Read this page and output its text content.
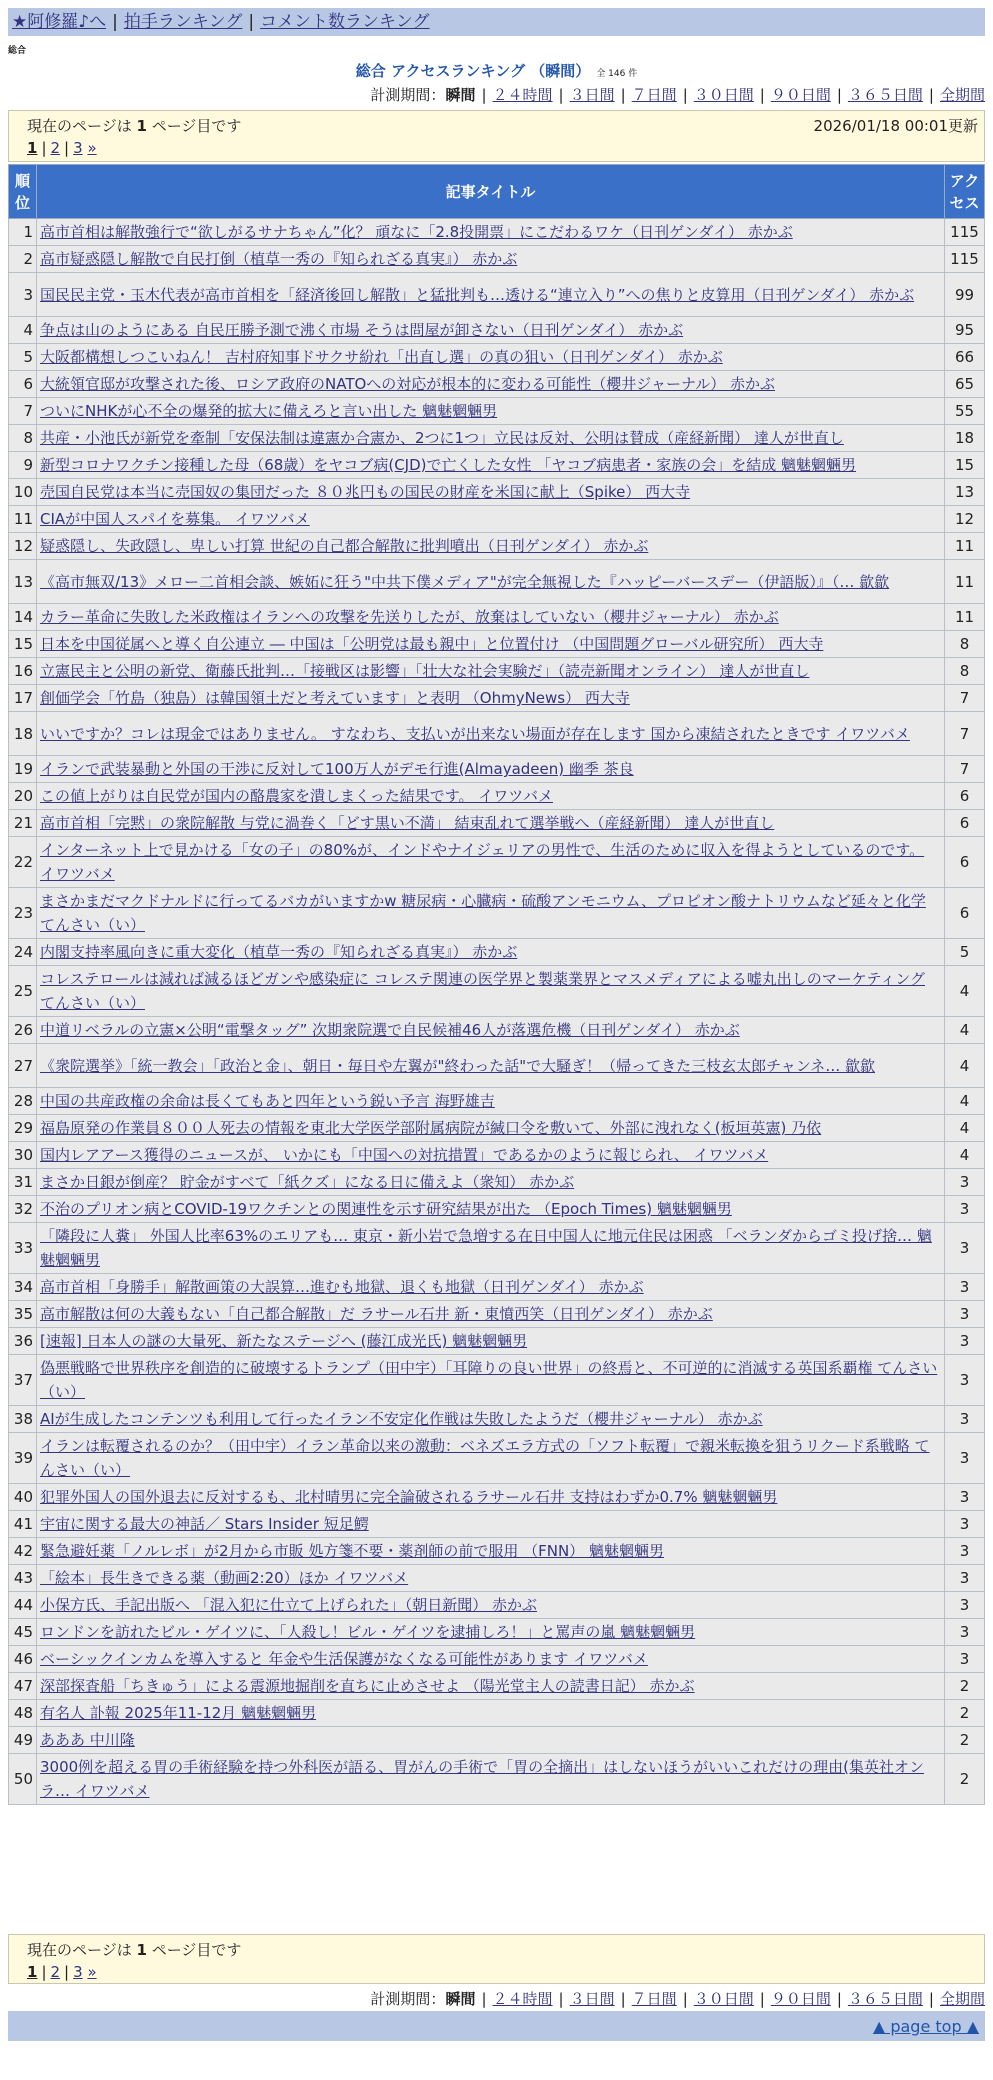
★阿修羅♪へ | 拍手ランキング | コメント数ランキング
総合
総合 アクセスランキング （瞬間） 全 146 件
計測期間：瞬間 | ２４時間 | ３日間 | ７日間 | ３０日間 | ９０日間 | ３６５日間 | 全期間
現在のページは 1 ページ目です	2026/01/18 00:01更新
1 | 2 | 3 »
順位	記事タイトル	アクセス
1	高市首相は解散強行で“欲しがるサナちゃん”化？ 頑なに「2.8投開票」にこだわるワケ（日刊ゲンダイ） 赤かぶ	115
2	高市疑惑隠し解散で自民打倒（植草一秀の『知られざる真実』） 赤かぶ	115
3	国民民主党・玉木代表が高市首相を「経済後回し解散」と猛批判も…透ける“連立入り”への焦りと皮算用（日刊ゲンダイ） 赤かぶ	99
4	争点は山のようにある 自民圧勝予測で沸く市場 そうは問屋が卸さない（日刊ゲンダイ） 赤かぶ	95
5	大阪都構想しつこいねん！ 吉村府知事ドサクサ紛れ「出直し選」の真の狙い（日刊ゲンダイ） 赤かぶ	66
6	大統領官邸が攻撃された後、ロシア政府のNATOへの対応が根本的に変わる可能性（櫻井ジャーナル） 赤かぶ	65
7	ついにNHKが心不全の爆発的拡大に備えろと言い出した 魑魅魍魎男	55
8	共産・小池氏が新党を牽制「安保法制は違憲か合憲か、2つに1つ」立民は反対、公明は賛成（産経新聞） 達人が世直し	18
9	新型コロナワクチン接種した母（68歳）をヤコブ病(CJD)で亡くした女性 「ヤコブ病患者・家族の会」を結成 魑魅魍魎男	15
10	売国自民党は本当に売国奴の集団だった ８０兆円もの国民の財産を米国に献上（Spike） 西大寺	13
11	CIAが中国人スパイを募集。 イワツバメ	12
12	疑惑隠し、失政隠し、卑しい打算 世紀の自己都合解散に批判噴出（日刊ゲンダイ） 赤かぶ	11
13	《高市無双/13》メロー二首相会談、嫉妬に狂う"中共下僕メディア"が完全無視した『ハッピーバースデー（伊語版）』（… 歙歙	11
14	カラー革命に失敗した米政権はイランへの攻撃を先送りしたが、放棄はしていない（櫻井ジャーナル） 赤かぶ	11
15	日本を中国従属へと導く自公連立 ― 中国は「公明党は最も親中」と位置付け （中国問題グローバル研究所） 西大寺	8
16	立憲民主と公明の新党、衛藤氏批判…「接戦区は影響」「壮大な社会実験だ」（読売新聞オンライン） 達人が世直し	8
17	創価学会「竹島（独島）は韓国領土だと考えています」と表明 （OhmyNews） 西大寺	7
18	いいですか？コレは現金ではありません。 すなわち、支払いが出来ない場面が存在します 国から凍結されたときです イワツバメ	7
19	イランで武装暴動と外国の干渉に反対して100万人がデモ行進(Almayadeen) 幽季 茶良	7
20	この値上がりは自民党が国内の酪農家を潰しまくった結果です。 イワツバメ	6
21	高市首相「完黙」の衆院解散 与党に渦巻く「どす黒い不満」 結束乱れて選挙戦へ（産経新聞） 達人が世直し	6
22	インターネット上で見かける「女の子」の80%が、インドやナイジェリアの男性で、生活のために収入を得ようとしているのです。 イワツバメ	6
23	まさかまだマクドナルドに行ってるバカがいますかw 糖尿病・心臓病・硫酸アンモニウム、プロピオン酸ナトリウムなど延々と化学 てんさい（い）	6
24	内閣支持率風向きに重大変化（植草一秀の『知られざる真実』） 赤かぶ	5
25	コレステロールは減れば減るほどガンや感染症に コレステ関連の医学界と製薬業界とマスメディアによる嘘丸出しのマーケティング てんさい（い）	4
26	中道リベラルの立憲×公明“電撃タッグ” 次期衆院選で自民候補46人が落選危機（日刊ゲンダイ） 赤かぶ	4
27	《衆院選挙》「統一教会」「政治と金」、朝日・毎日や左翼が"終わった話"で大騒ぎ！（帰ってきた三枝玄太郎チャンネ… 歙歙	4
28	中国の共産政権の余命は長くてもあと四年という鋭い予言 海野雄吉	4
29	福島原発の作業員８００人死去の情報を東北大学医学部附属病院が緘口令を敷いて、外部に洩れなく(板垣英憲) 乃依	4
30	国内レアアース獲得のニュースが、 いかにも「中国への対抗措置」であるかのように報じられ、 イワツバメ	4
31	まさか日銀が倒産？ 貯金がすべて「紙クズ」になる日に備えよ（衆知） 赤かぶ	3
32	不治のプリオン病とCOVID-19ワクチンとの関連性を示す研究結果が出た （Epoch Times) 魑魅魍魎男	3
33	「隣段に人糞」 外国人比率63%のエリアも… 東京・新小岩で急増する在日中国人に地元住民は困惑 「ベランダからゴミ投げ捨… 魑魅魍魎男	3
34	高市首相「身勝手」解散画策の大誤算…進むも地獄、退くも地獄（日刊ゲンダイ） 赤かぶ	3
35	高市解散は何の大義もない「自己都合解散」だ ラサール石井 新・東憤西笑（日刊ゲンダイ） 赤かぶ	3
36	[速報] 日本人の謎の大量死、新たなステージへ (藤江成光氏) 魑魅魍魎男	3
37	偽悪戦略で世界秩序を創造的に破壊するトランプ（田中宇）「耳障りの良い世界」の終焉と、不可逆的に消滅する英国系覇権 てんさい（い）	3
38	AIが生成したコンテンツも利用して行ったイラン不安定化作戦は失敗したようだ（櫻井ジャーナル） 赤かぶ	3
39	イランは転覆されるのか？（田中宇）イラン革命以来の激動：ベネズエラ方式の「ソフト転覆」で親米転換を狙うリクード系戦略 てんさい（い）	3
40	犯罪外国人の国外退去に反対するも、北村晴男に完全論破されるラサール石井 支持はわずか0.7% 魑魅魍魎男	3
41	宇宙に関する最大の神話／ Stars Insider 短足鰐	3
42	緊急避妊薬「ノルレボ」が2月から市販 処方箋不要・薬剤師の前で服用 （FNN） 魑魅魍魎男	3
43	「絵本」長生きできる薬（動画2:20）ほか イワツバメ	3
44	小保方氏、手記出版へ 「混入犯に仕立て上げられた」（朝日新聞） 赤かぶ	3
45	ロンドンを訪れたビル・ゲイツに、「人殺し！ビル・ゲイツを逮捕しろ！」と罵声の嵐 魑魅魍魎男	3
46	ベーシックインカムを導入すると 年金や生活保護がなくなる可能性があります イワツバメ	3
47	深部探査船「ちきゅう」による震源地掘削を直ちに止めさせよ （陽光堂主人の読書日記） 赤かぶ	2
48	有名人 訃報 2025年11-12月 魑魅魍魎男	2
49	あああ 中川隆	2
50	3000例を超える胃の手術経験を持つ外科医が語る、胃がんの手術で「胃の全摘出」はしないほうがいいこれだけの理由(集英社オンラ… イワツバメ	2
現在のページは 1 ページ目です
1 | 2 | 3 »
計測期間：瞬間 | ２４時間 | ３日間 | ７日間 | ３０日間 | ９０日間 | ３６５日間 | 全期間
▲ page top ▲
